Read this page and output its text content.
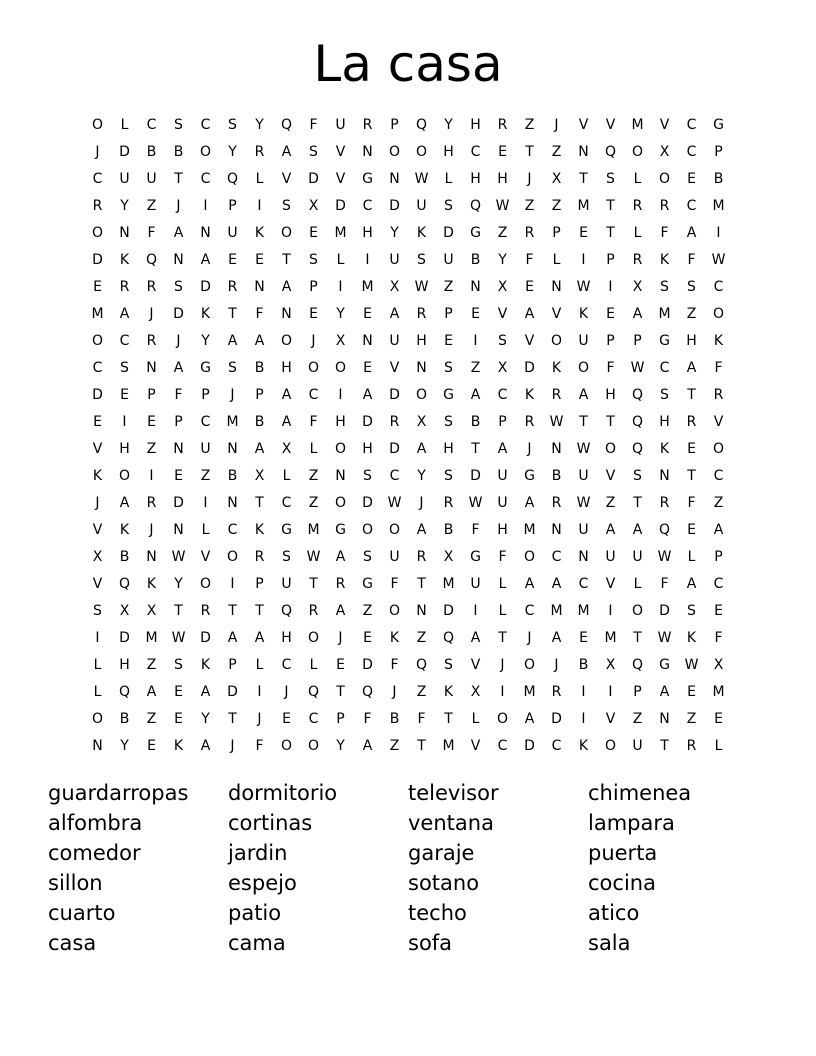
La casa
O	L	C	S	C	S	Y	Q	F	U	R	P	Q	Y	H	R	Z	J	V	V	M	V	C	G
J	D	B	B	O	Y	R	A	S	V	N	O	O	H	C	E	T	Z	N	Q	O	X	C	P
C	U	U	T	C	Q	L	V	D	V	G	N	W	L	H	H	J	X	T	S	L	O	E	B
R	Y	Z	J	I	P	I	S	X	D	C	D	U	S	Q	W	Z	Z	M	T	R	R	C	M
O	N	F	A	N	U	K	O	E	M	H	Y	K	D	G	Z	R	P	E	T	L	F	A	I
D	K	Q	N	A	E	E	T	S	L	I	U	S	U	B	Y	F	L	I	P	R	K	F	W
E	R	R	S	D	R	N	A	P	I	M	X	W	Z	N	X	E	N	W	I	X	S	S	C
M	A	J	D	K	T	F	N	E	Y	E	A	R	P	E	V	A	V	K	E	A	M	Z	O
O	C	R	J	Y	A	A	O	J	X	N	U	H	E	I	S	V	O	U	P	P	G	H	K
C	S	N	A	G	S	B	H	O	O	E	V	N	S	Z	X	D	K	O	F	W	C	A	F
D	E	P	F	P	J	P	A	C	I	A	D	O	G	A	C	K	R	A	H	Q	S	T	R
E	I	E	P	C	M	B	A	F	H	D	R	X	S	B	P	R	W	T	T	Q	H	R	V
V	H	Z	N	U	N	A	X	L	O	H	D	A	H	T	A	J	N	W	O	Q	K	E	O
K	O	I	E	Z	B	X	L	Z	N	S	C	Y	S	D	U	G	B	U	V	S	N	T	C
J	A	R	D	I	N	T	C	Z	O	D	W	J	R	W	U	A	R	W	Z	T	R	F	Z
V	K	J	N	L	C	K	G	M	G	O	O	A	B	F	H	M	N	U	A	A	Q	E	A
X	B	N	W	V	O	R	S	W	A	S	U	R	X	G	F	O	C	N	U	U	W	L	P
V	Q	K	Y	O	I	P	U	T	R	G	F	T	M	U	L	A	A	C	V	L	F	A	C
S	X	X	T	R	T	T	Q	R	A	Z	O	N	D	I	L	C	M	M	I	O	D	S	E
I	D	M	W	D	A	A	H	O	J	E	K	Z	Q	A	T	J	A	E	M	T	W	K	F
L	H	Z	S	K	P	L	C	L	E	D	F	Q	S	V	J	O	J	B	X	Q	G	W	X
L	Q	A	E	A	D	I	J	Q	T	Q	J	Z	K	X	I	M	R	I	I	P	A	E	M
O	B	Z	E	Y	T	J	E	C	P	F	B	F	T	L	O	A	D	I	V	Z	N	Z	E
N	Y	E	K	A	J	F	O	O	Y	A	Z	T	M	V	C	D	C	K	O	U	T	R	L
guardarropas
alfombra
comedor
sillon
cuarto
casa
dormitorio
cortinas
jardin
espejo
patio
cama
televisor
ventana
garaje
sotano
techo
sofa
chimenea
lampara
puerta
cocina
atico
sala
